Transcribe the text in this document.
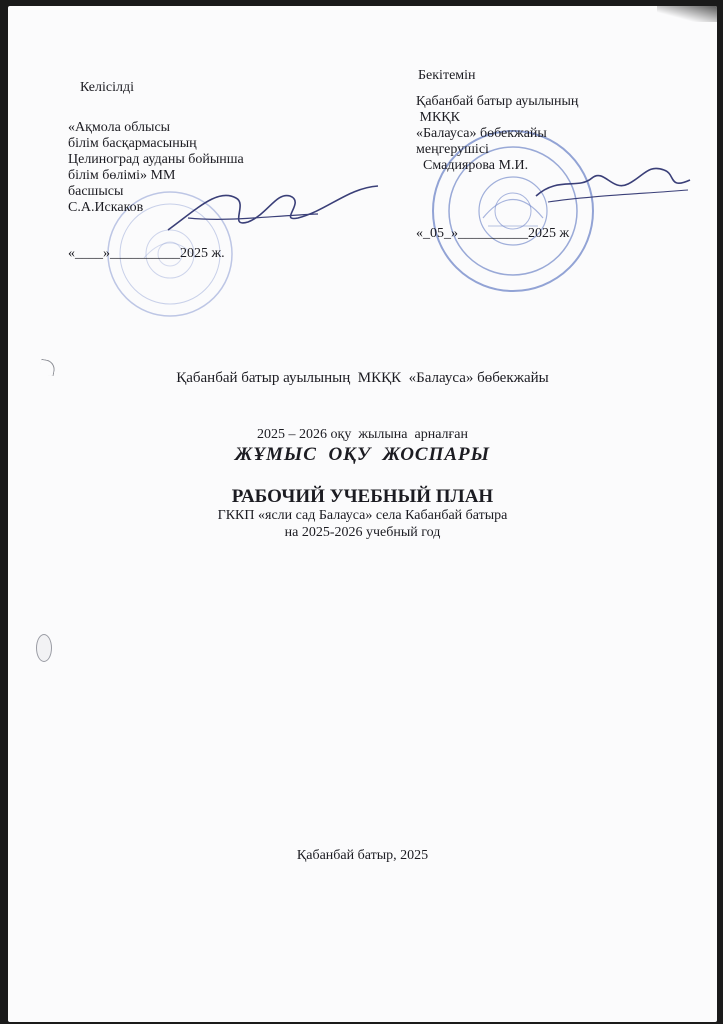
Келісілді
«Ақмола облысы
білім басқармасының
Целиноград ауданы бойынша
білім бөлімі» ММ
басшысы
С.А.Искаков
«____»__________2025 ж.
Бекітемін
Қабанбай батыр ауылының
МКҚК
«Балауса» бөбекжайы
меңгерушісі
Смадиярова М.И.
«_05_»__________2025 ж
Қабанбай батыр ауылының  МКҚК  «Балауса» бөбекжайы
2025 – 2026 оқу  жылына  арналған
ЖҰМЫС  ОҚУ  ЖОСПАРЫ
РАБОЧИЙ УЧЕБНЫЙ ПЛАН
ГККП «ясли сад Балауса» села Кабанбай батыра
на 2025-2026 учебный год
Қабанбай батыр, 2025
